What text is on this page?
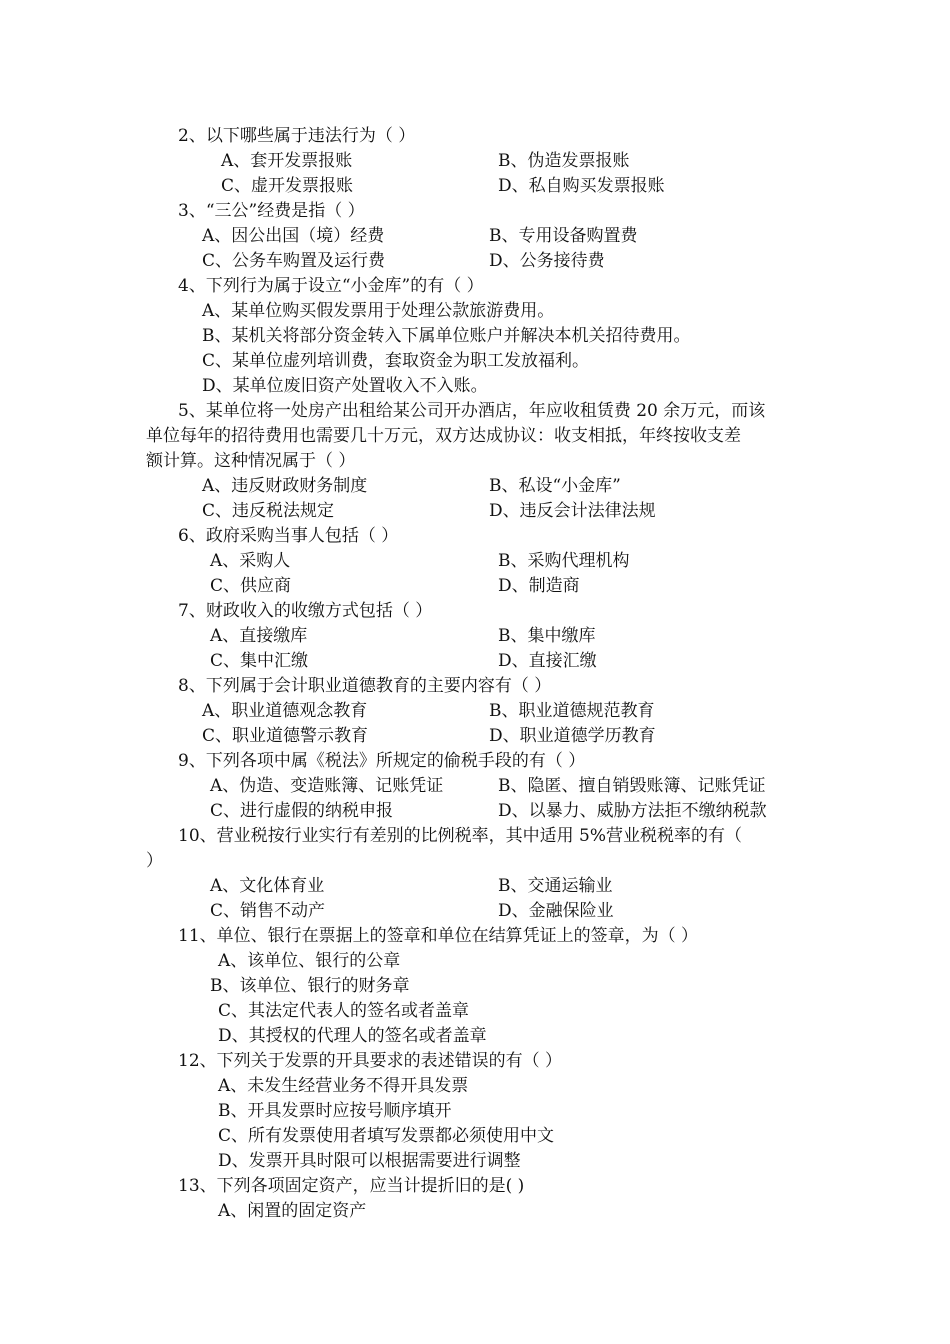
2、以下哪些属于违法行为（ ）
A、套开发票报账	B、伪造发票报账
C、虚开发票报账	D、私自购买发票报账
3、“三公”经费是指（ ）
A、因公出国（境）经费	B、专用设备购置费
C、公务车购置及运行费	D、公务接待费
4、下列行为属于设立“小金库”的有（ ）
A、某单位购买假发票用于处理公款旅游费用。
B、某机关将部分资金转入下属单位账户并解决本机关招待费用。
C、某单位虚列培训费，套取资金为职工发放福利。
D、某单位废旧资产处置收入不入账。
5、某单位将一处房产出租给某公司开办酒店，年应收租赁费 20 余万元，而该
单位每年的招待费用也需要几十万元，双方达成协议：收支相抵，年终按收支差
额计算。这种情况属于（ ）
A、违反财政财务制度	B、私设“小金库”
C、违反税法规定	D、违反会计法律法规
6、政府采购当事人包括（ ）
A、采购人	B、采购代理机构
C、供应商	D、制造商
7、财政收入的收缴方式包括（ ）
A、直接缴库	B、集中缴库
C、集中汇缴	D、直接汇缴
8、下列属于会计职业道德教育的主要内容有（ ）
A、职业道德观念教育	B、职业道德规范教育
C、职业道德警示教育	D、职业道德学历教育
9、下列各项中属《税法》所规定的偷税手段的有（ ）
A、伪造、变造账簿、记账凭证	B、隐匿、擅自销毁账簿、记账凭证
C、进行虚假的纳税申报	D、以暴力、威胁方法拒不缴纳税款
10、营业税按行业实行有差别的比例税率，其中适用 5%营业税税率的有（
）
A、文化体育业	B、交通运输业
C、销售不动产	D、金融保险业
11、单位、银行在票据上的签章和单位在结算凭证上的签章，为（ ）
A、该单位、银行的公章
B、该单位、银行的财务章
C、其法定代表人的签名或者盖章
D、其授权的代理人的签名或者盖章
12、下列关于发票的开具要求的表述错误的有（ ）
A、未发生经营业务不得开具发票
B、开具发票时应按号顺序填开
C、所有发票使用者填写发票都必须使用中文
D、发票开具时限可以根据需要进行调整
13、下列各项固定资产，应当计提折旧的是( )
A、闲置的固定资产
